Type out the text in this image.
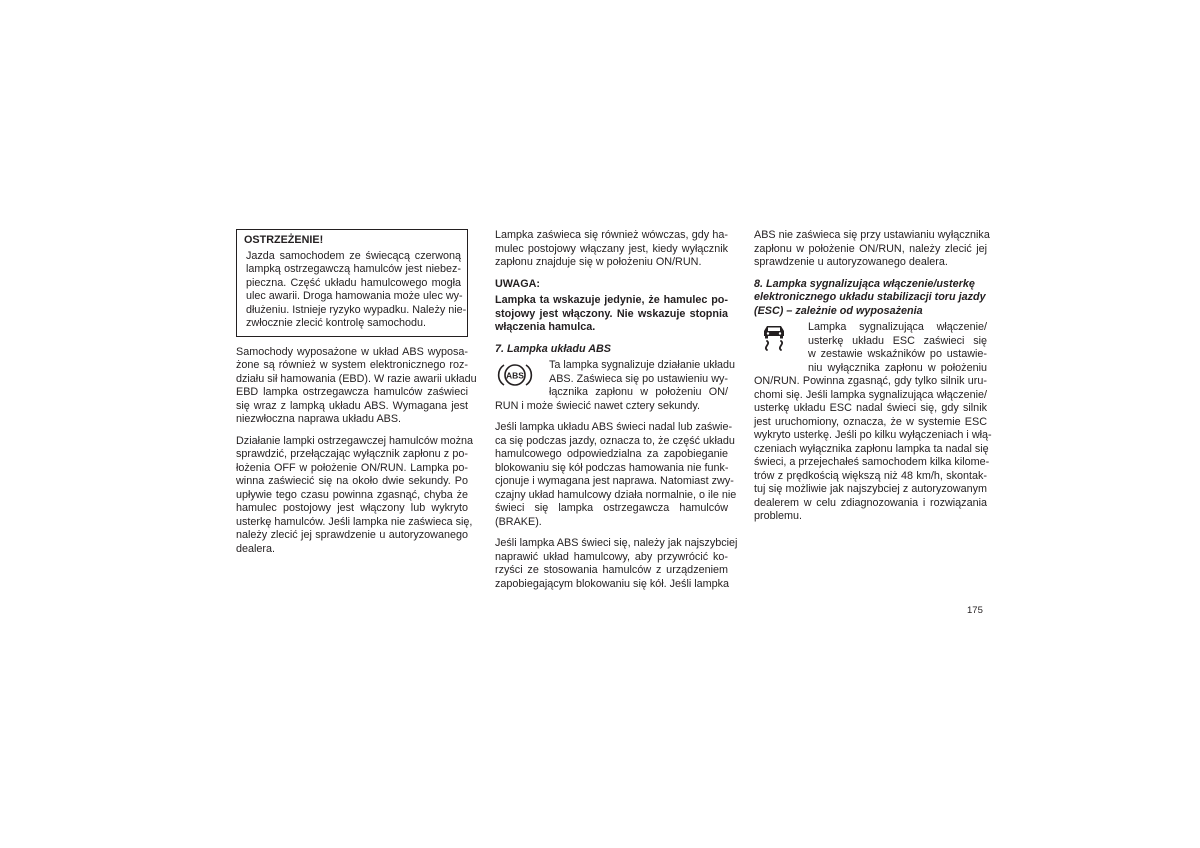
OSTRZEŻENIE!
Jazda samochodem ze świecącą czerwoną
lampką ostrzegawczą hamulców jest niebez-
pieczna. Część układu hamulcowego mogła
ulec awarii. Droga hamowania może ulec wy-
dłużeniu. Istnieje ryzyko wypadku. Należy nie-
zwłocznie zlecić kontrolę samochodu.
Samochody wyposażone w układ ABS wyposa-
żone są również w system elektronicznego roz-
działu sił hamowania (EBD). W razie awarii układu
EBD lampka ostrzegawcza hamulców zaświeci
się wraz z lampką układu ABS. Wymagana jest
niezwłoczna naprawa układu ABS.
Działanie lampki ostrzegawczej hamulców można
sprawdzić, przełączając wyłącznik zapłonu z po-
łożenia OFF w położenie ON/RUN. Lampka po-
winna zaświecić się na około dwie sekundy. Po
upływie tego czasu powinna zgasnąć, chyba że
hamulec postojowy jest włączony lub wykryto
usterkę hamulców. Jeśli lampka nie zaświeca się,
należy zlecić jej sprawdzenie u autoryzowanego
dealera.
Lampka zaświeca się również wówczas, gdy ha-
mulec postojowy włączany jest, kiedy wyłącznik
zapłonu znajduje się w położeniu ON/RUN.
UWAGA:
Lampka ta wskazuje jedynie, że hamulec po-
stojowy jest włączony. Nie wskazuje stopnia
włączenia hamulca.
7. Lampka układu ABS
ABS
Ta lampka sygnalizuje działanie układu
ABS. Zaświeca się po ustawieniu wy-
łącznika zapłonu w położeniu ON/
RUN i może świecić nawet cztery sekundy.
Jeśli lampka układu ABS świeci nadal lub zaświe-
ca się podczas jazdy, oznacza to, że część układu
hamulcowego odpowiedzialna za zapobieganie
blokowaniu się kół podczas hamowania nie funk-
cjonuje i wymagana jest naprawa. Natomiast zwy-
czajny układ hamulcowy działa normalnie, o ile nie
świeci się lampka ostrzegawcza hamulców
(BRAKE).
Jeśli lampka ABS świeci się, należy jak najszybciej
naprawić układ hamulcowy, aby przywrócić ko-
rzyści ze stosowania hamulców z urządzeniem
zapobiegającym blokowaniu się kół. Jeśli lampka
ABS nie zaświeca się przy ustawianiu wyłącznika
zapłonu w położenie ON/RUN, należy zlecić jej
sprawdzenie u autoryzowanego dealera.
8. Lampka sygnalizująca włączenie/usterkę
elektronicznego układu stabilizacji toru jazdy
(ESC) – zależnie od wyposażenia
Lampka sygnalizująca włączenie/
usterkę układu ESC zaświeci się
w zestawie wskaźników po ustawie-
niu wyłącznika zapłonu w położeniu
ON/RUN. Powinna zgasnąć, gdy tylko silnik uru-
chomi się. Jeśli lampka sygnalizująca włączenie/
usterkę układu ESC nadal świeci się, gdy silnik
jest uruchomiony, oznacza, że w systemie ESC
wykryto usterkę. Jeśli po kilku wyłączeniach i włą-
czeniach wyłącznika zapłonu lampka ta nadal się
świeci, a przejechałeś samochodem kilka kilome-
trów z prędkością większą niż 48 km/h, skontak-
tuj się możliwie jak najszybciej z autoryzowanym
dealerem w celu zdiagnozowania i rozwiązania
problemu.
175
